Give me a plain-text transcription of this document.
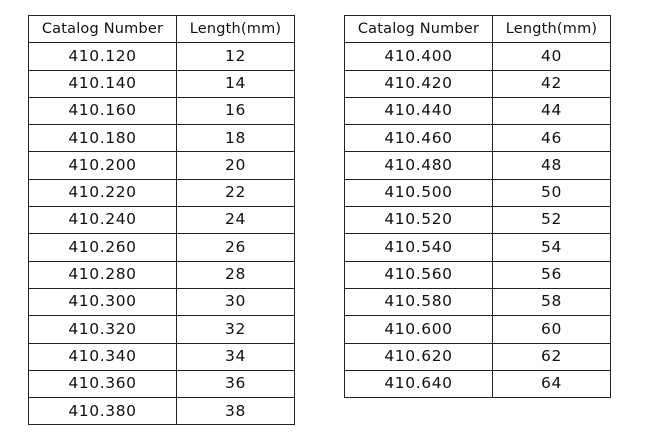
Catalog Number	Length(mm)
410.120	12
410.140	14
410.160	16
410.180	18
410.200	20
410.220	22
410.240	24
410.260	26
410.280	28
410.300	30
410.320	32
410.340	34
410.360	36
410.380	38
Catalog Number	Length(mm)
410.400	40
410.420	42
410.440	44
410.460	46
410.480	48
410.500	50
410.520	52
410.540	54
410.560	56
410.580	58
410.600	60
410.620	62
410.640	64
